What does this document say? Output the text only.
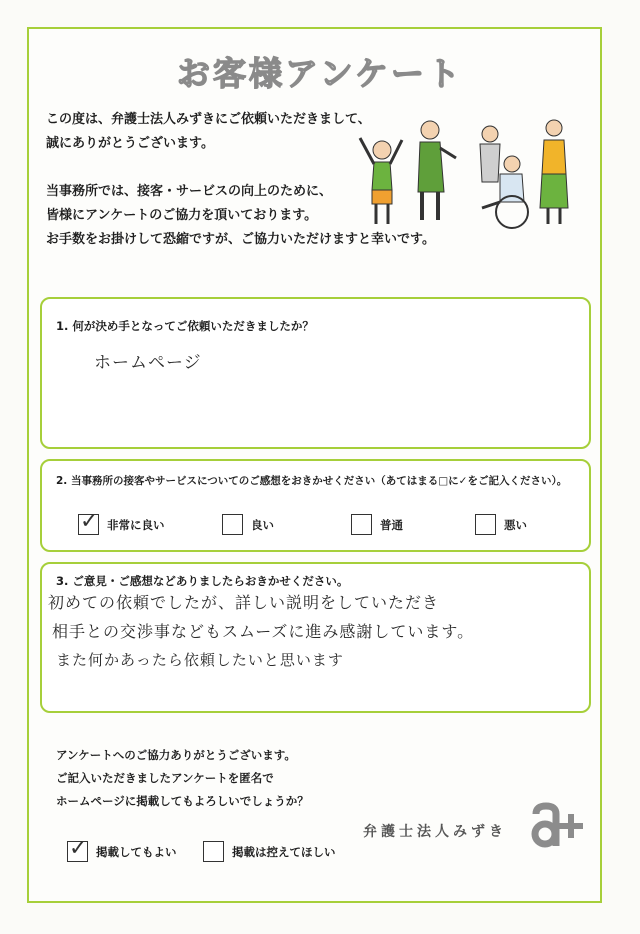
お客様アンケート
この度は、弁護士法人みずきにご依頼いただきまして、
誠にありがとうございます。
当事務所では、接客・サービスの向上のために、
皆様にアンケートのご協力を頂いております。
お手数をお掛けして恐縮ですが、ご協力いただけますと幸いです。
1. 何が決め手となってご依頼いただきましたか？
ホームページ
2. 当事務所の接客やサービスについてのご感想をおきかせください（あてはまる□に✓をご記入ください）。
✓ 非常に良い	良い	普通	悪い
3. ご意見・ご感想などありましたらおきかせください。
初めての依頼でしたが、詳しい説明をしていただき
相手との交渉事などもスムーズに進み感謝しています。
また何かあったら依頼したいと思います
アンケートへのご協力ありがとうございます。
ご記入いただきましたアンケートを匿名で
ホームページに掲載してもよろしいでしょうか？
✓ 掲載してもよい	掲載は控えてほしい
弁護士法人みずき
